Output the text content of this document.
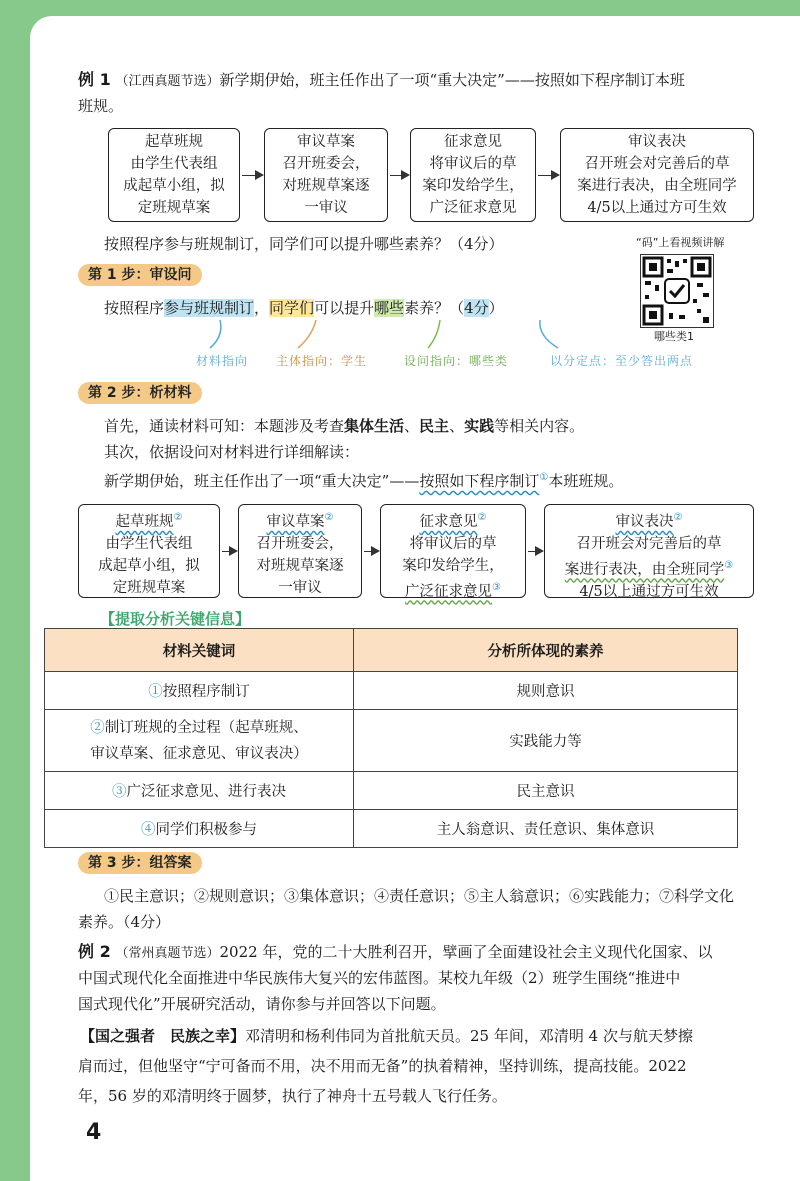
例 1 （江西真题节选）新学期伊始，班主任作出了一项“重大决定”——按照如下程序制订本班
班规。
起草班规
由学生代表组
成起草小组，拟
定班规草案
审议草案
召开班委会，
对班规草案逐
一审议
征求意见
将审议后的草
案印发给学生，
广泛征求意见
审议表决
召开班会对完善后的草
案进行表决，由全班同学
4/5以上通过方可生效
按照程序参与班规制订，同学们可以提升哪些素养？（4分）	“码”上看视频讲解
哪些类1
第 1 步：审设问
按照程序参与班规制订，同学们可以提升哪些素养？（4分）
材料指向 主体指向：学生	设问指向：哪些类	以分定点：至少答出两点
第 2 步：析材料
首先，通读材料可知：本题涉及考查集体生活、民主、实践等相关内容。
其次，依据设问对材料进行详细解读：
新学期伊始，班主任作出了一项“重大决定”——按照如下程序制订①本班班规。
起草班规②
由学生代表组
成起草小组，拟
定班规草案
审议草案②
召开班委会，
对班规草案逐
一审议
征求意见②
将审议后的草
案印发给学生，
广泛征求意见③
审议表决②
召开班会对完善后的草
案进行表决，由全班同学③
4/5以上通过方可生效
【提取分析关键信息】
材料关键词	分析所体现的素养
①按照程序制订	规则意识
②制订班规的全过程（起草班规、
审议草案、征求意见、审议表决）	实践能力等
③广泛征求意见、进行表决	民主意识
④同学们积极参与	主人翁意识、责任意识、集体意识
第 3 步：组答案
①民主意识；②规则意识；③集体意识；④责任意识；⑤主人翁意识；⑥实践能力；⑦科学文化
素养。（4分）
例 2 （常州真题节选）2022 年，党的二十大胜利召开，擘画了全面建设社会主义现代化国家、以
中国式现代化全面推进中华民族伟大复兴的宏伟蓝图。某校九年级（2）班学生围绕“推进中
国式现代化”开展研究活动，请你参与并回答以下问题。
【国之强者　民族之幸】邓清明和杨利伟同为首批航天员。25 年间，邓清明 4 次与航天梦擦
肩而过，但他坚守“宁可备而不用，决不用而无备”的执着精神，坚持训练，提高技能。2022
年，56 岁的邓清明终于圆梦，执行了神舟十五号载人飞行任务。
4
